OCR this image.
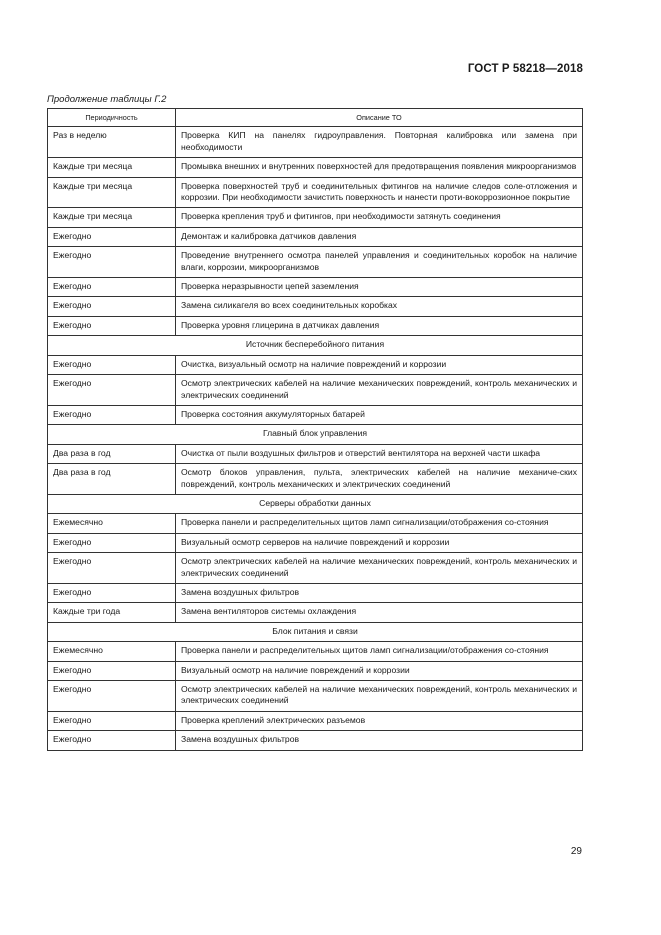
ГОСТ Р 58218—2018
Продолжение таблицы Г.2
Периодичность	Описание ТО
Раз в неделю	Проверка КИП на панелях гидроуправления. Повторная калибровка или замена при необходимости
Каждые три месяца	Промывка внешних и внутренних поверхностей для предотвращения появления микроорганизмов
Каждые три месяца	Проверка поверхностей труб и соединительных фитингов на наличие следов соле-отложения и коррозии. При необходимости зачистить поверхность и нанести проти-вокоррозионное покрытие
Каждые три месяца	Проверка крепления труб и фитингов, при необходимости затянуть соединения
Ежегодно	Демонтаж и калибровка датчиков давления
Ежегодно	Проведение внутреннего осмотра панелей управления и соединительных коробок на наличие влаги, коррозии, микроорганизмов
Ежегодно	Проверка неразрывности цепей заземления
Ежегодно	Замена силикагеля во всех соединительных коробках
Ежегодно	Проверка уровня глицерина в датчиках давления
Источник бесперебойного питания	
Ежегодно	Очистка, визуальный осмотр на наличие повреждений и коррозии
Ежегодно	Осмотр электрических кабелей на наличие механических повреждений, контроль механических и электрических соединений
Ежегодно	Проверка состояния аккумуляторных батарей
Главный блок управления	
Два раза в год	Очистка от пыли воздушных фильтров и отверстий вентилятора на верхней части шкафа
Два раза в год	Осмотр блоков управления, пульта, электрических кабелей на наличие механиче-ских повреждений, контроль механических и электрических соединений
Серверы обработки данных	
Ежемесячно	Проверка панели и распределительных щитов ламп сигнализации/отображения со-стояния
Ежегодно	Визуальный осмотр серверов на наличие повреждений и коррозии
Ежегодно	Осмотр электрических кабелей на наличие механических повреждений, контроль механических и электрических соединений
Ежегодно	Замена воздушных фильтров
Каждые три года	Замена вентиляторов системы охлаждения
Блок питания и связи	
Ежемесячно	Проверка панели и распределительных щитов ламп сигнализации/отображения со-стояния
Ежегодно	Визуальный осмотр на наличие повреждений и коррозии
Ежегодно	Осмотр электрических кабелей на наличие механических повреждений, контроль механических и электрических соединений
Ежегодно	Проверка креплений электрических разъемов
Ежегодно	Замена воздушных фильтров
29
